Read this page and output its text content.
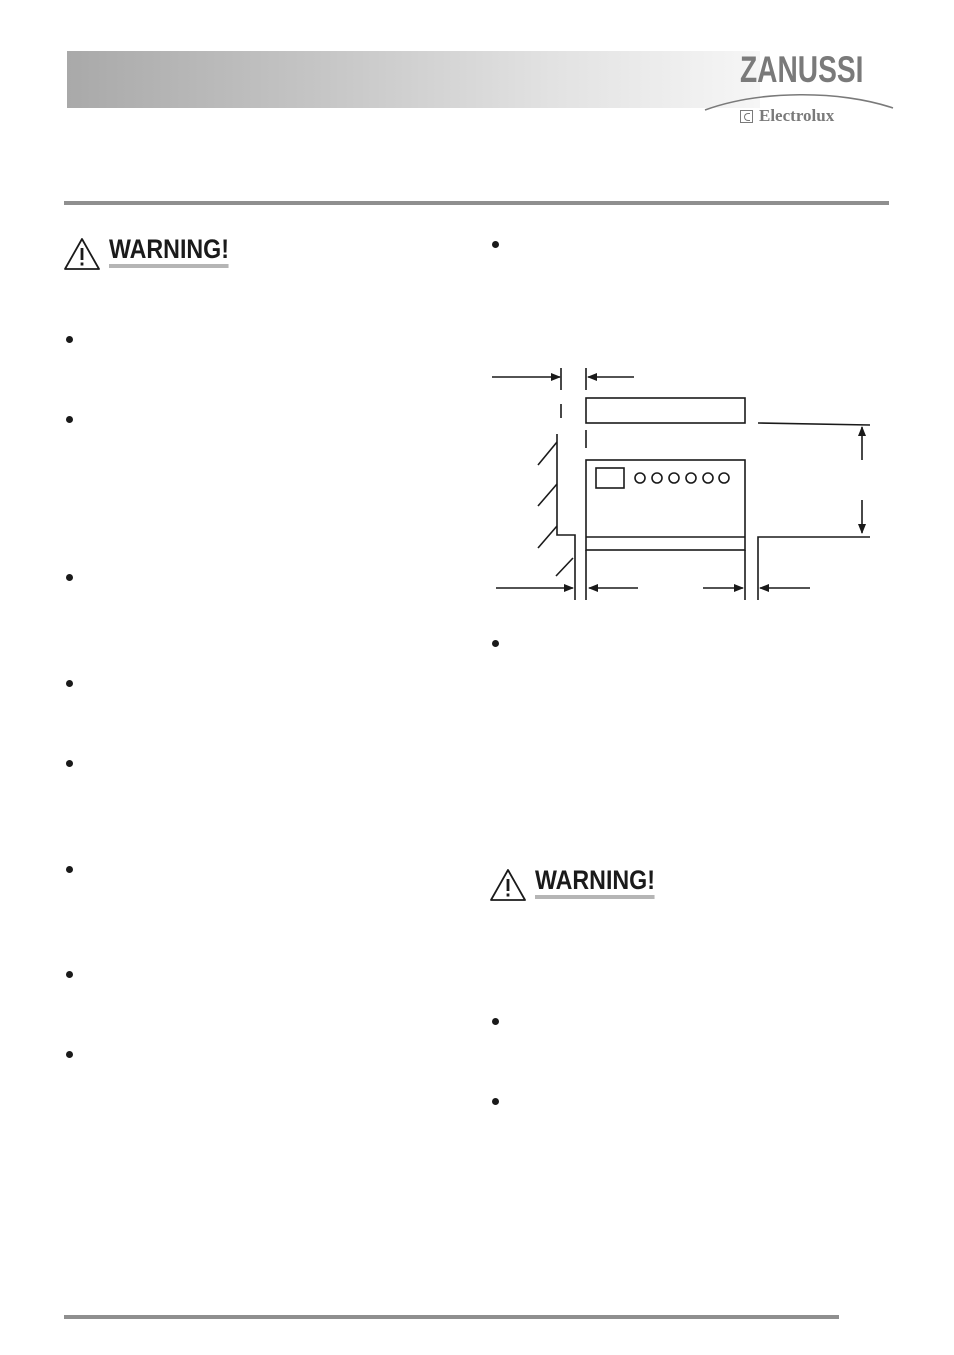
ZANUSSI
Electrolux
WARNING!
WARNING!
